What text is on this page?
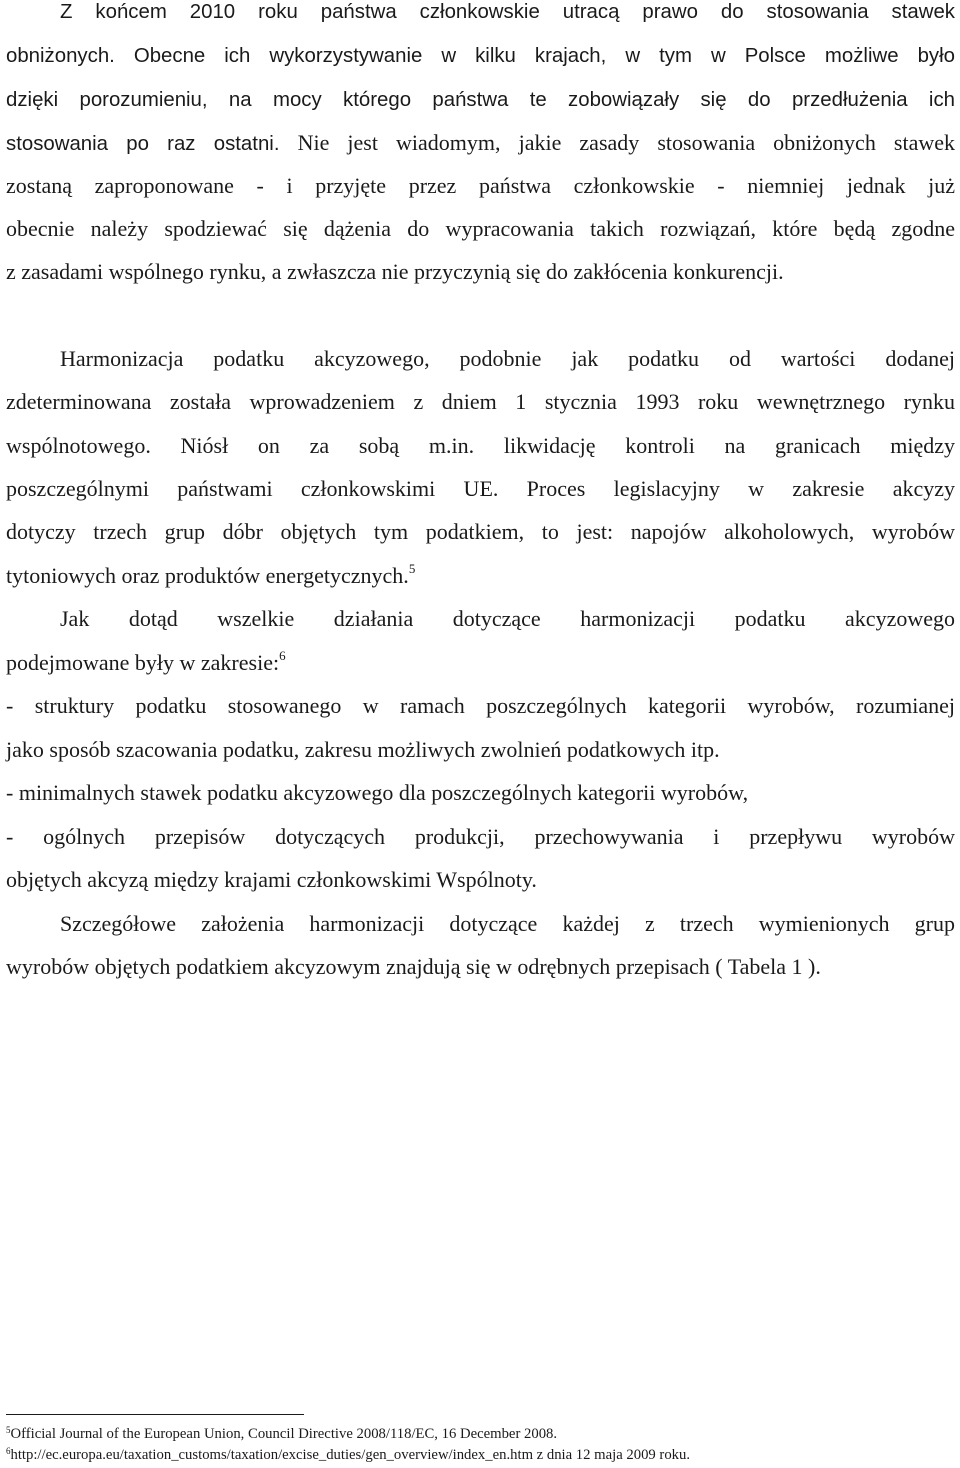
Z końcem 2010 roku państwa członkowskie utracą prawo do stosowania stawek
obniżonych. Obecne ich wykorzystywanie w kilku krajach, w tym w Polsce możliwe było
dzięki porozumieniu, na mocy którego państwa te zobowiązały się do przedłużenia ich
stosowania po raz ostatni. Nie jest wiadomym, jakie zasady stosowania obniżonych stawek
zostaną zaproponowane - i przyjęte przez państwa członkowskie - niemniej jednak już
obecnie należy spodziewać się dążenia do wypracowania takich rozwiązań, które będą zgodne
z zasadami wspólnego rynku, a zwłaszcza nie przyczynią się do zakłócenia konkurencji.
Harmonizacja podatku akcyzowego, podobnie jak podatku od wartości dodanej
zdeterminowana została wprowadzeniem z dniem 1 stycznia 1993 roku wewnętrznego rynku
wspólnotowego. Niósł on za sobą m.in. likwidację kontroli na granicach między
poszczególnymi państwami członkowskimi UE. Proces legislacyjny w zakresie akcyzy
dotyczy trzech grup dóbr objętych tym podatkiem, to jest: napojów alkoholowych, wyrobów
tytoniowych oraz produktów energetycznych.$^5$
Jak dotąd wszelkie działania dotyczące harmonizacji podatku akcyzowego
podejmowane były w zakresie:$^6$
- struktury podatku stosowanego w ramach poszczególnych kategorii wyrobów, rozumianej
jako sposób szacowania podatku, zakresu możliwych zwolnień podatkowych itp.
- minimalnych stawek podatku akcyzowego dla poszczególnych kategorii wyrobów,
- ogólnych przepisów dotyczących produkcji, przechowywania i przepływu wyrobów
objętych akcyzą między krajami członkowskimi Wspólnoty.
Szczegółowe założenia harmonizacji dotyczące każdej z trzech wymienionych grup
wyrobów objętych podatkiem akcyzowym znajdują się w odrębnych przepisach ( Tabela 1 ).
$^5$Official Journal of the European Union, Council Directive 2008/118/EC, 16 December 2008.
$^6$http://ec.europa.eu/taxation_customs/taxation/excise_duties/gen_overview/index_en.htm z dnia 12 maja 2009 roku.
